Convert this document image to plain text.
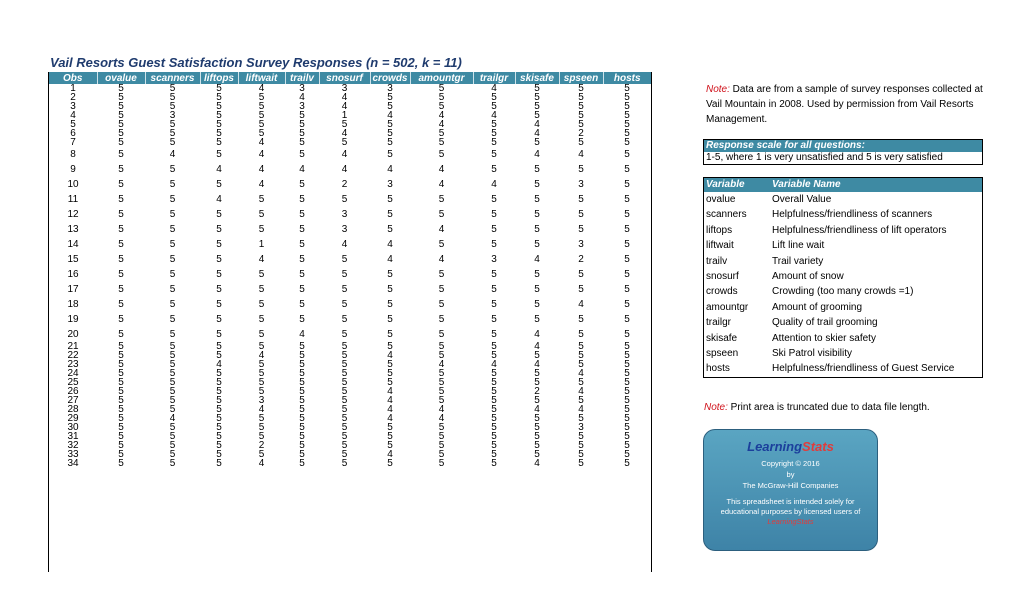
Vail Resorts Guest Satisfaction Survey Responses (n = 502, k = 11)
Obs	ovalue	scanners	liftops	liftwait	trailv	snosurf	crowds	amountgr	trailgr	skisafe	spseen	hosts
1	5	5	5	4	3	3	3	5	4	5	5	5
2	5	5	5	5	4	4	5	5	5	5	5	5
3	5	5	5	5	3	4	5	5	5	5	5	5
4	5	3	5	5	5	1	4	4	4	5	5	5
5	5	5	5	5	5	5	5	4	5	4	5	5
6	5	5	5	5	5	4	5	5	5	4	2	5
7	5	5	5	4	5	5	5	5	5	5	5	5
8	5	4	5	4	5	4	5	5	5	4	4	5
9	5	5	4	4	4	4	4	4	5	5	5	5
10	5	5	5	4	5	2	3	4	4	5	3	5
11	5	5	4	5	5	5	5	5	5	5	5	5
12	5	5	5	5	5	3	5	5	5	5	5	5
13	5	5	5	5	5	3	5	4	5	5	5	5
14	5	5	5	1	5	4	4	5	5	5	3	5
15	5	5	5	4	5	5	4	4	3	4	2	5
16	5	5	5	5	5	5	5	5	5	5	5	5
17	5	5	5	5	5	5	5	5	5	5	5	5
18	5	5	5	5	5	5	5	5	5	5	4	5
19	5	5	5	5	5	5	5	5	5	5	5	5
20	5	5	5	5	4	5	5	5	5	4	5	5
21	5	5	5	5	5	5	5	5	5	4	5	5
22	5	5	5	4	5	5	4	5	5	5	5	5
23	5	5	4	5	5	5	5	4	4	4	5	5
24	5	5	5	5	5	5	5	5	5	5	4	5
25	5	5	5	5	5	5	5	5	5	5	5	5
26	5	5	5	5	5	5	4	5	5	2	4	5
27	5	5	5	3	5	5	4	5	5	5	5	5
28	5	5	5	4	5	5	4	4	5	4	4	5
29	5	4	5	5	5	5	4	4	5	5	5	5
30	5	5	5	5	5	5	5	5	5	5	3	5
31	5	5	5	5	5	5	5	5	5	5	5	5
32	5	5	5	2	5	5	5	5	5	5	5	5
33	5	5	5	5	5	5	4	5	5	5	5	5
34	5	5	5	4	5	5	5	5	5	4	5	5
Note: Data are from a sample of survey responses collected at Vail Mountain in 2008. Used by permission from Vail Resorts Management.
Response scale for all questions:
1-5, where 1 is very unsatisfied and 5 is very satisfied
Variable	Variable Name
ovalue	Overall Value
scanners	Helpfulness/friendliness of scanners
liftops	Helpfulness/friendliness of lift operators
liftwait	Lift line wait
trailv	Trail variety
snosurf	Amount of snow
crowds	Crowding (too many crowds =1)
amountgr	Amount of grooming
trailgr	Quality of trail grooming
skisafe	Attention to skier safety
spseen	Ski Patrol visibility
hosts	Helpfulness/friendliness of Guest Service
Note: Print area is truncated due to data file length.
LearningStats
Copyright © 2016
by
The McGraw-Hill Companies
This spreadsheet is intended solely for educational purposes by licensed users of LearningStats
